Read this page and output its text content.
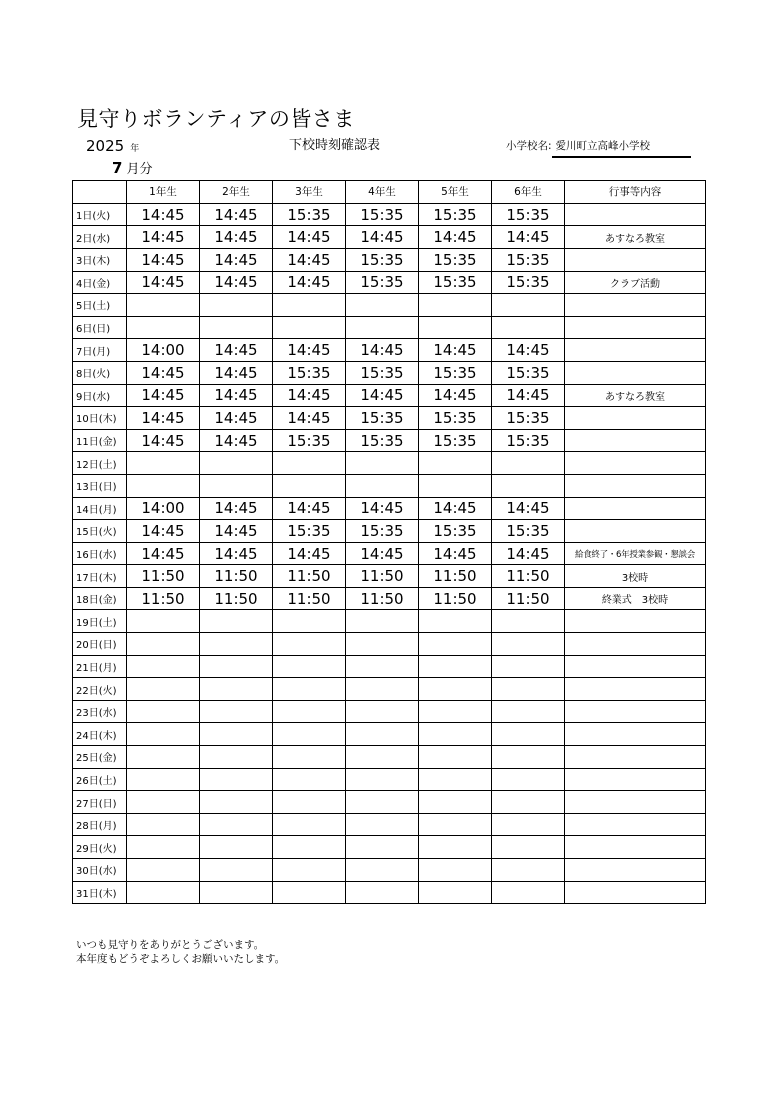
見守りボランティアの皆さま
2025 年
7 月分
下校時刻確認表	小学校名: 愛川町立高峰小学校
	1年生	2年生	3年生	4年生	5年生	6年生	行事等内容
1日(火)	14:45	14:45	15:35	15:35	15:35	15:35	
2日(水)	14:45	14:45	14:45	14:45	14:45	14:45	あすなろ教室
3日(木)	14:45	14:45	14:45	15:35	15:35	15:35	
4日(金)	14:45	14:45	14:45	15:35	15:35	15:35	クラブ活動
5日(土)							
6日(日)							
7日(月)	14:00	14:45	14:45	14:45	14:45	14:45	
8日(火)	14:45	14:45	15:35	15:35	15:35	15:35	
9日(水)	14:45	14:45	14:45	14:45	14:45	14:45	あすなろ教室
10日(木)	14:45	14:45	14:45	15:35	15:35	15:35	
11日(金)	14:45	14:45	15:35	15:35	15:35	15:35	
12日(土)							
13日(日)							
14日(月)	14:00	14:45	14:45	14:45	14:45	14:45	
15日(火)	14:45	14:45	15:35	15:35	15:35	15:35	
16日(水)	14:45	14:45	14:45	14:45	14:45	14:45	給食終了・6年授業参観・懇談会
17日(木)	11:50	11:50	11:50	11:50	11:50	11:50	3校時
18日(金)	11:50	11:50	11:50	11:50	11:50	11:50	終業式　3校時
19日(土)							
20日(日)							
21日(月)							
22日(火)							
23日(水)							
24日(木)							
25日(金)							
26日(土)							
27日(日)							
28日(月)							
29日(火)							
30日(水)							
31日(木)							
いつも見守りをありがとうございます。
本年度もどうぞよろしくお願いいたします。
